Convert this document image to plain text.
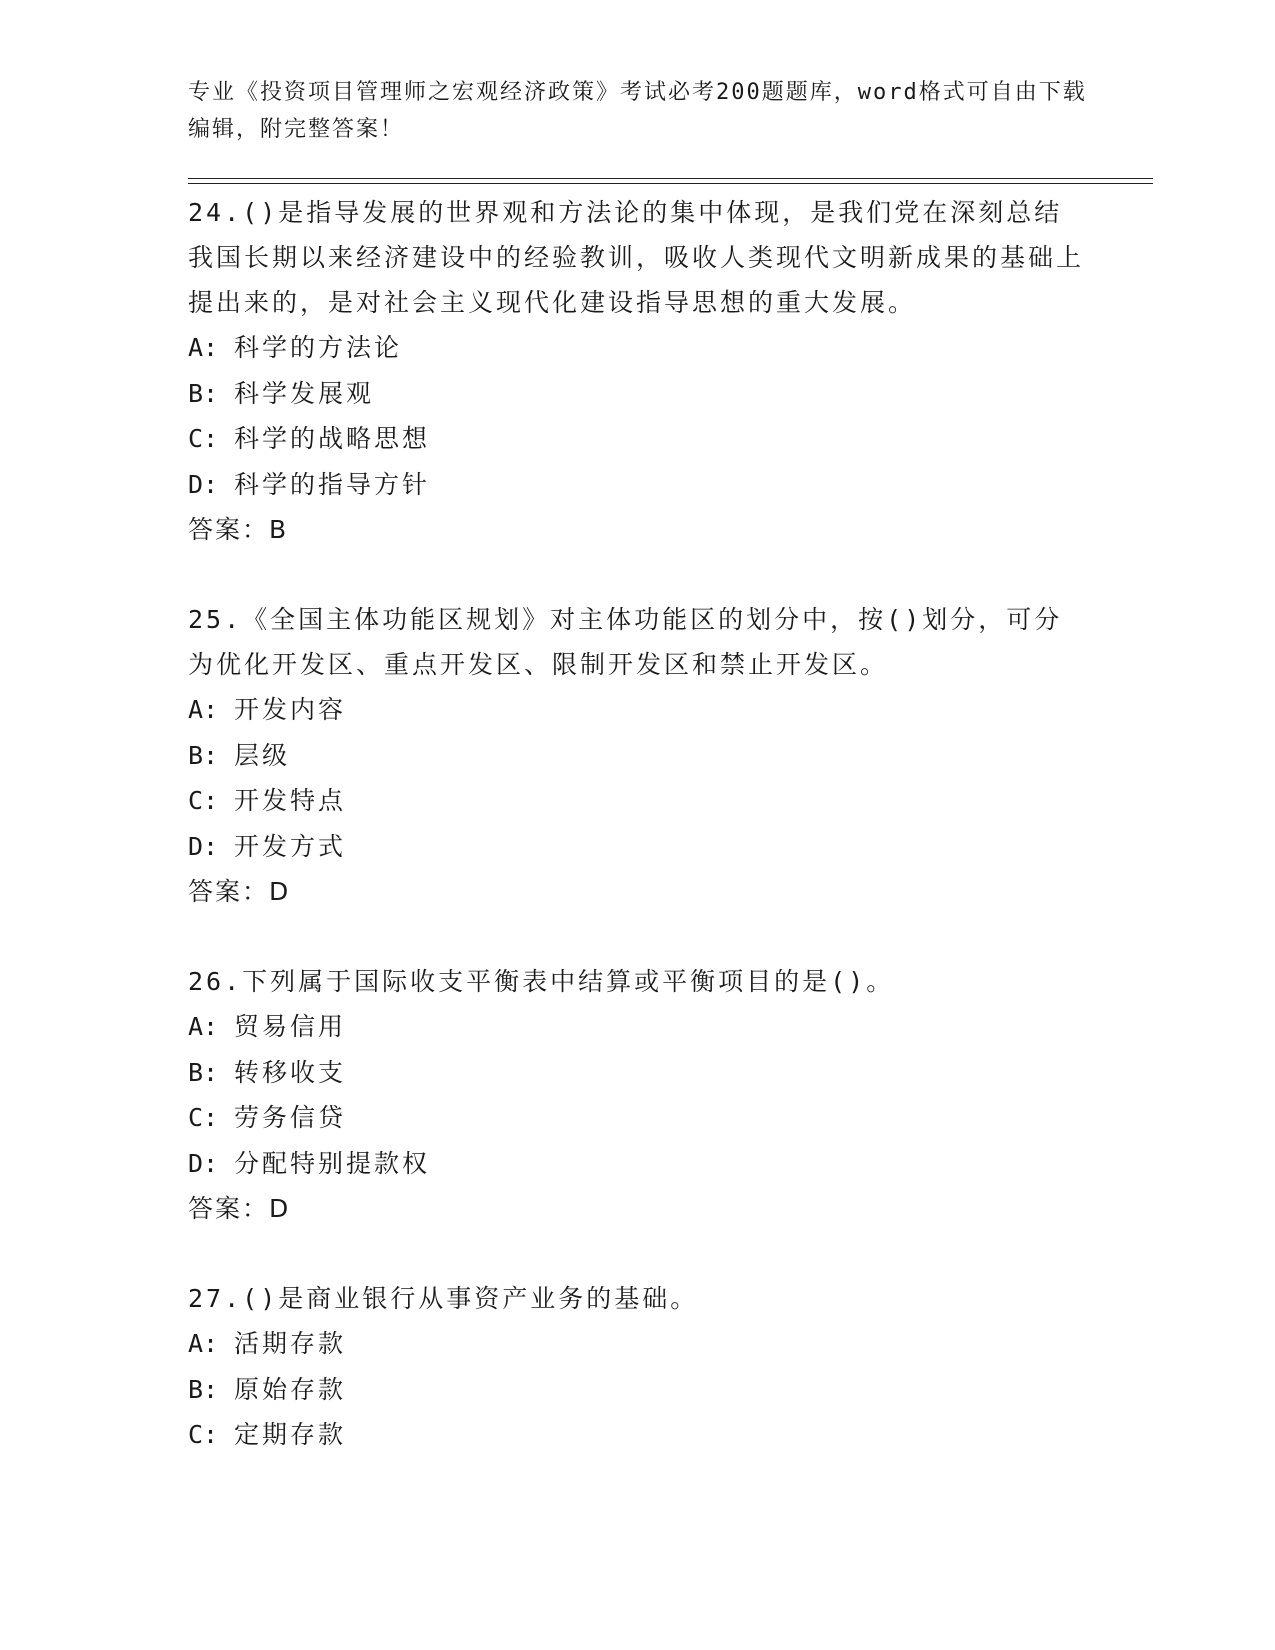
专业《投资项目管理师之宏观经济政策》考试必考200题题库，word格式可自由下载编辑，附完整答案！
24.()是指导发展的世界观和方法论的集中体现，是我们党在深刻总结我国长期以来经济建设中的经验教训，吸收人类现代文明新成果的基础上提出来的，是对社会主义现代化建设指导思想的重大发展。
A: 科学的方法论
B: 科学发展观
C: 科学的战略思想
D: 科学的指导方针
答案：B
25.《全国主体功能区规划》对主体功能区的划分中，按()划分，可分为优化开发区、重点开发区、限制开发区和禁止开发区。
A: 开发内容
B: 层级
C: 开发特点
D: 开发方式
答案：D
26.下列属于国际收支平衡表中结算或平衡项目的是()。
A: 贸易信用
B: 转移收支
C: 劳务信贷
D: 分配特别提款权
答案：D
27.()是商业银行从事资产业务的基础。
A: 活期存款
B: 原始存款
C: 定期存款
